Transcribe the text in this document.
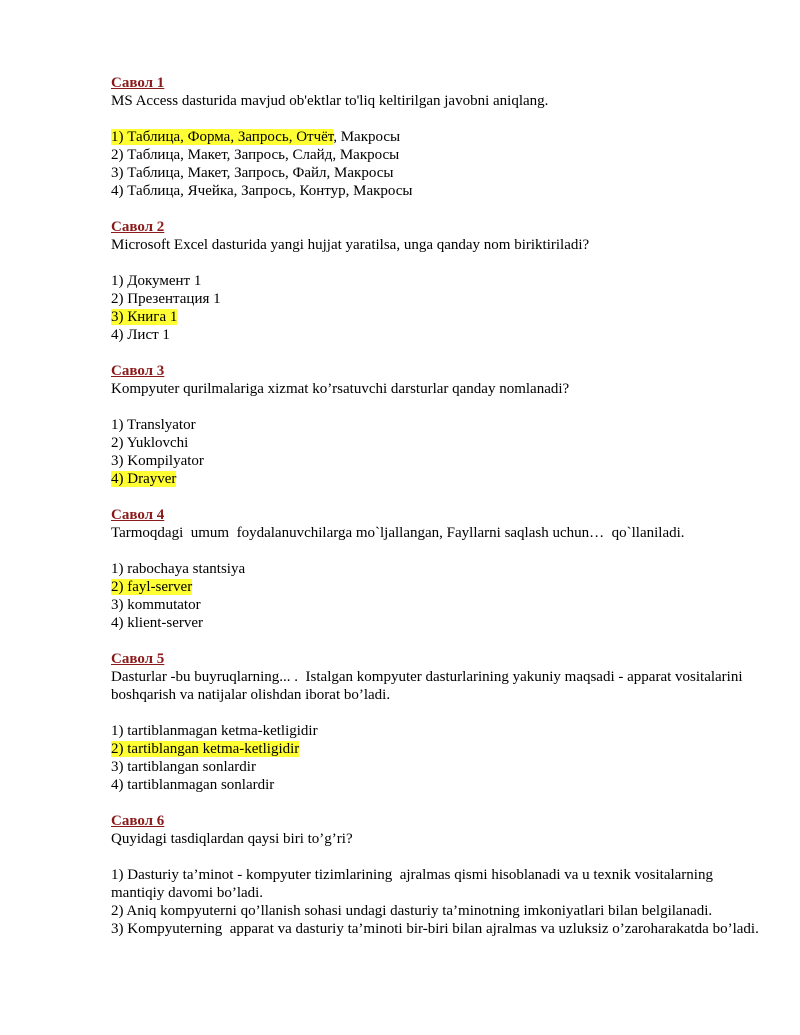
Савол 1
MS Access dasturida mavjud ob'ektlar to'liq keltirilgan javobni aniqlang.
1) Таблица, Форма, Запрось, Отчёт, Макросы
2) Таблица, Макет, Запрось, Слайд, Макросы
3) Таблица, Макет, Запрось, Файл, Макросы
4) Таблица, Ячейка, Запрось, Контур, Макросы
Савол 2
Microsoft Excel dasturida yangi hujjat yaratilsa, unga qanday nom biriktiriladi?
1) Документ 1
2) Презентация 1
3) Книга 1
4) Лист 1
Савол 3
Kompyuter qurilmalariga xizmat ko’rsatuvchi darsturlar qanday nomlanadi?
1) Translyator
2) Yuklovchi
3) Kompilyator
4) Drayver
Савол 4
Tarmoqdagi  umum  foydalanuvchilarga mo`ljallangan, Fayllarni saqlash uchun…  qo`llaniladi.
1) rabochaya stantsiya
2) fayl-server
3) kommutator
4) klient-server
Савол 5
Dasturlar -bu buyruqlarning... .  Istalgan kompyuter dasturlarining yakuniy maqsadi - apparat vositalarini boshqarish va natijalar olishdan iborat bo’ladi.
1) tartiblanmagan ketma-ketligidir
2) tartiblangan ketma-ketligidir
3) tartiblangan sonlardir
4) tartiblanmagan sonlardir
Савол 6
Quyidagi tasdiqlardan qaysi biri to’g’ri?
1) Dasturiy ta’minot - kompyuter tizimlarining  ajralmas qismi hisoblanadi va u texnik vositalarning mantiqiy davomi bo’ladi.
2) Aniq kompyuterni qo’llanish sohasi undagi dasturiy ta’minotning imkoniyatlari bilan belgilanadi.
3) Kompyuterning  apparat va dasturiy ta’minoti bir-biri bilan ajralmas va uzluksiz o’zaroharakatda bo’ladi.
